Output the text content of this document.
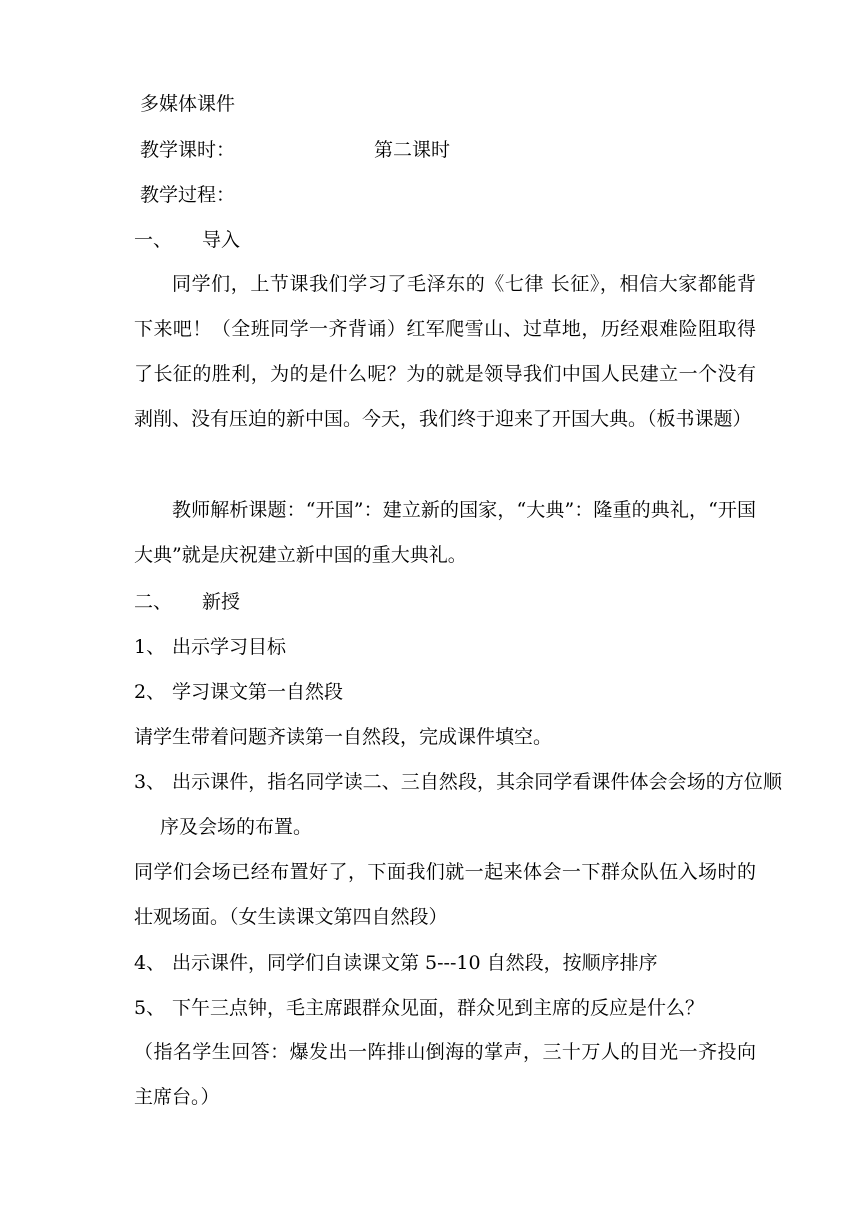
多媒体课件
教学课时：	第二课时
教学过程：
一、 导入
同学们，上节课我们学习了毛泽东的《七律 长征》，相信大家都能背下来吧！（全班同学一齐背诵）红军爬雪山、过草地，历经艰难险阻取得了长征的胜利，为的是什么呢？为的就是领导我们中国人民建立一个没有剥削、没有压迫的新中国。今天，我们终于迎来了开国大典。（板书课题）
教师解析课题：“开国”：建立新的国家，“大典”：隆重的典礼，“开国大典”就是庆祝建立新中国的重大典礼。
二、 新授
1、 出示学习目标
2、 学习课文第一自然段
请学生带着问题齐读第一自然段，完成课件填空。
3、 出示课件，指名同学读二、三自然段，其余同学看课件体会会场的方位顺序及会场的布置。
同学们会场已经布置好了，下面我们就一起来体会一下群众队伍入场时的壮观场面。（女生读课文第四自然段）
4、 出示课件，同学们自读课文第 5---10 自然段，按顺序排序
5、 下午三点钟，毛主席跟群众见面，群众见到主席的反应是什么？
（指名学生回答：爆发出一阵排山倒海的掌声，三十万人的目光一齐投向主席台。）
